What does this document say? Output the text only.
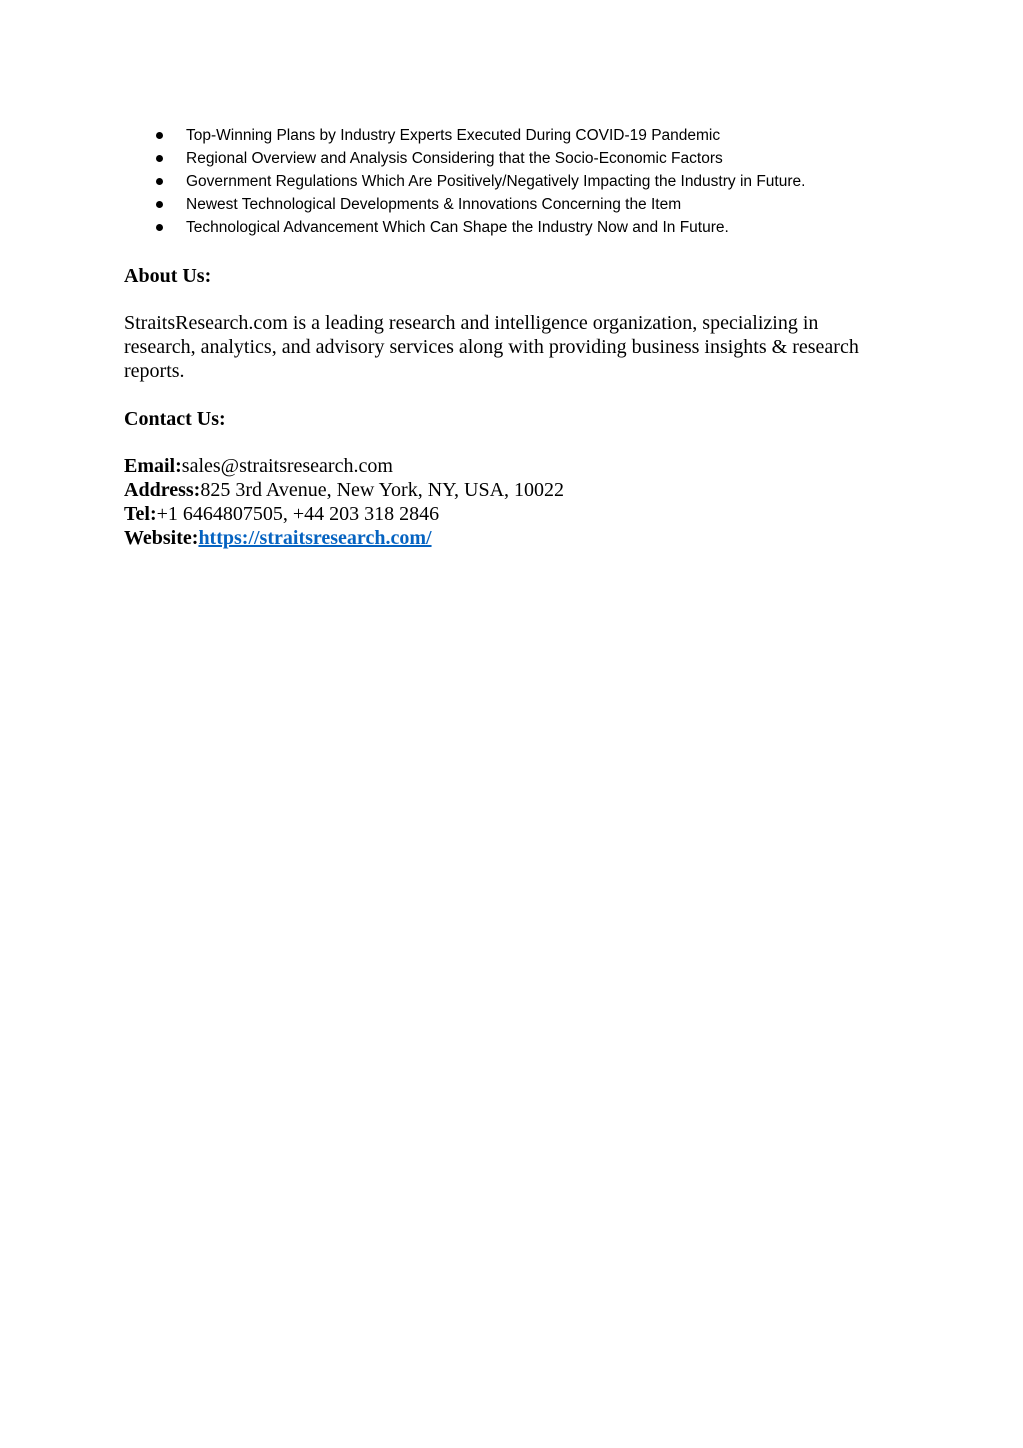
Top-Winning Plans by Industry Experts Executed During COVID-19 Pandemic
Regional Overview and Analysis Considering that the Socio-Economic Factors
Government Regulations Which Are Positively/Negatively Impacting the Industry in Future.
Newest Technological Developments & Innovations Concerning the Item
Technological Advancement Which Can Shape the Industry Now and In Future.
About Us:

StraitsResearch.com is a leading research and intelligence organization, specializing in research, analytics, and advisory services along with providing business insights & research reports.

Contact Us:
Email:sales@straitsresearch.com
Address:825 3rd Avenue, New York, NY, USA, 10022
Tel:+1 6464807505, +44 203 318 2846
Website:https://straitsresearch.com/
